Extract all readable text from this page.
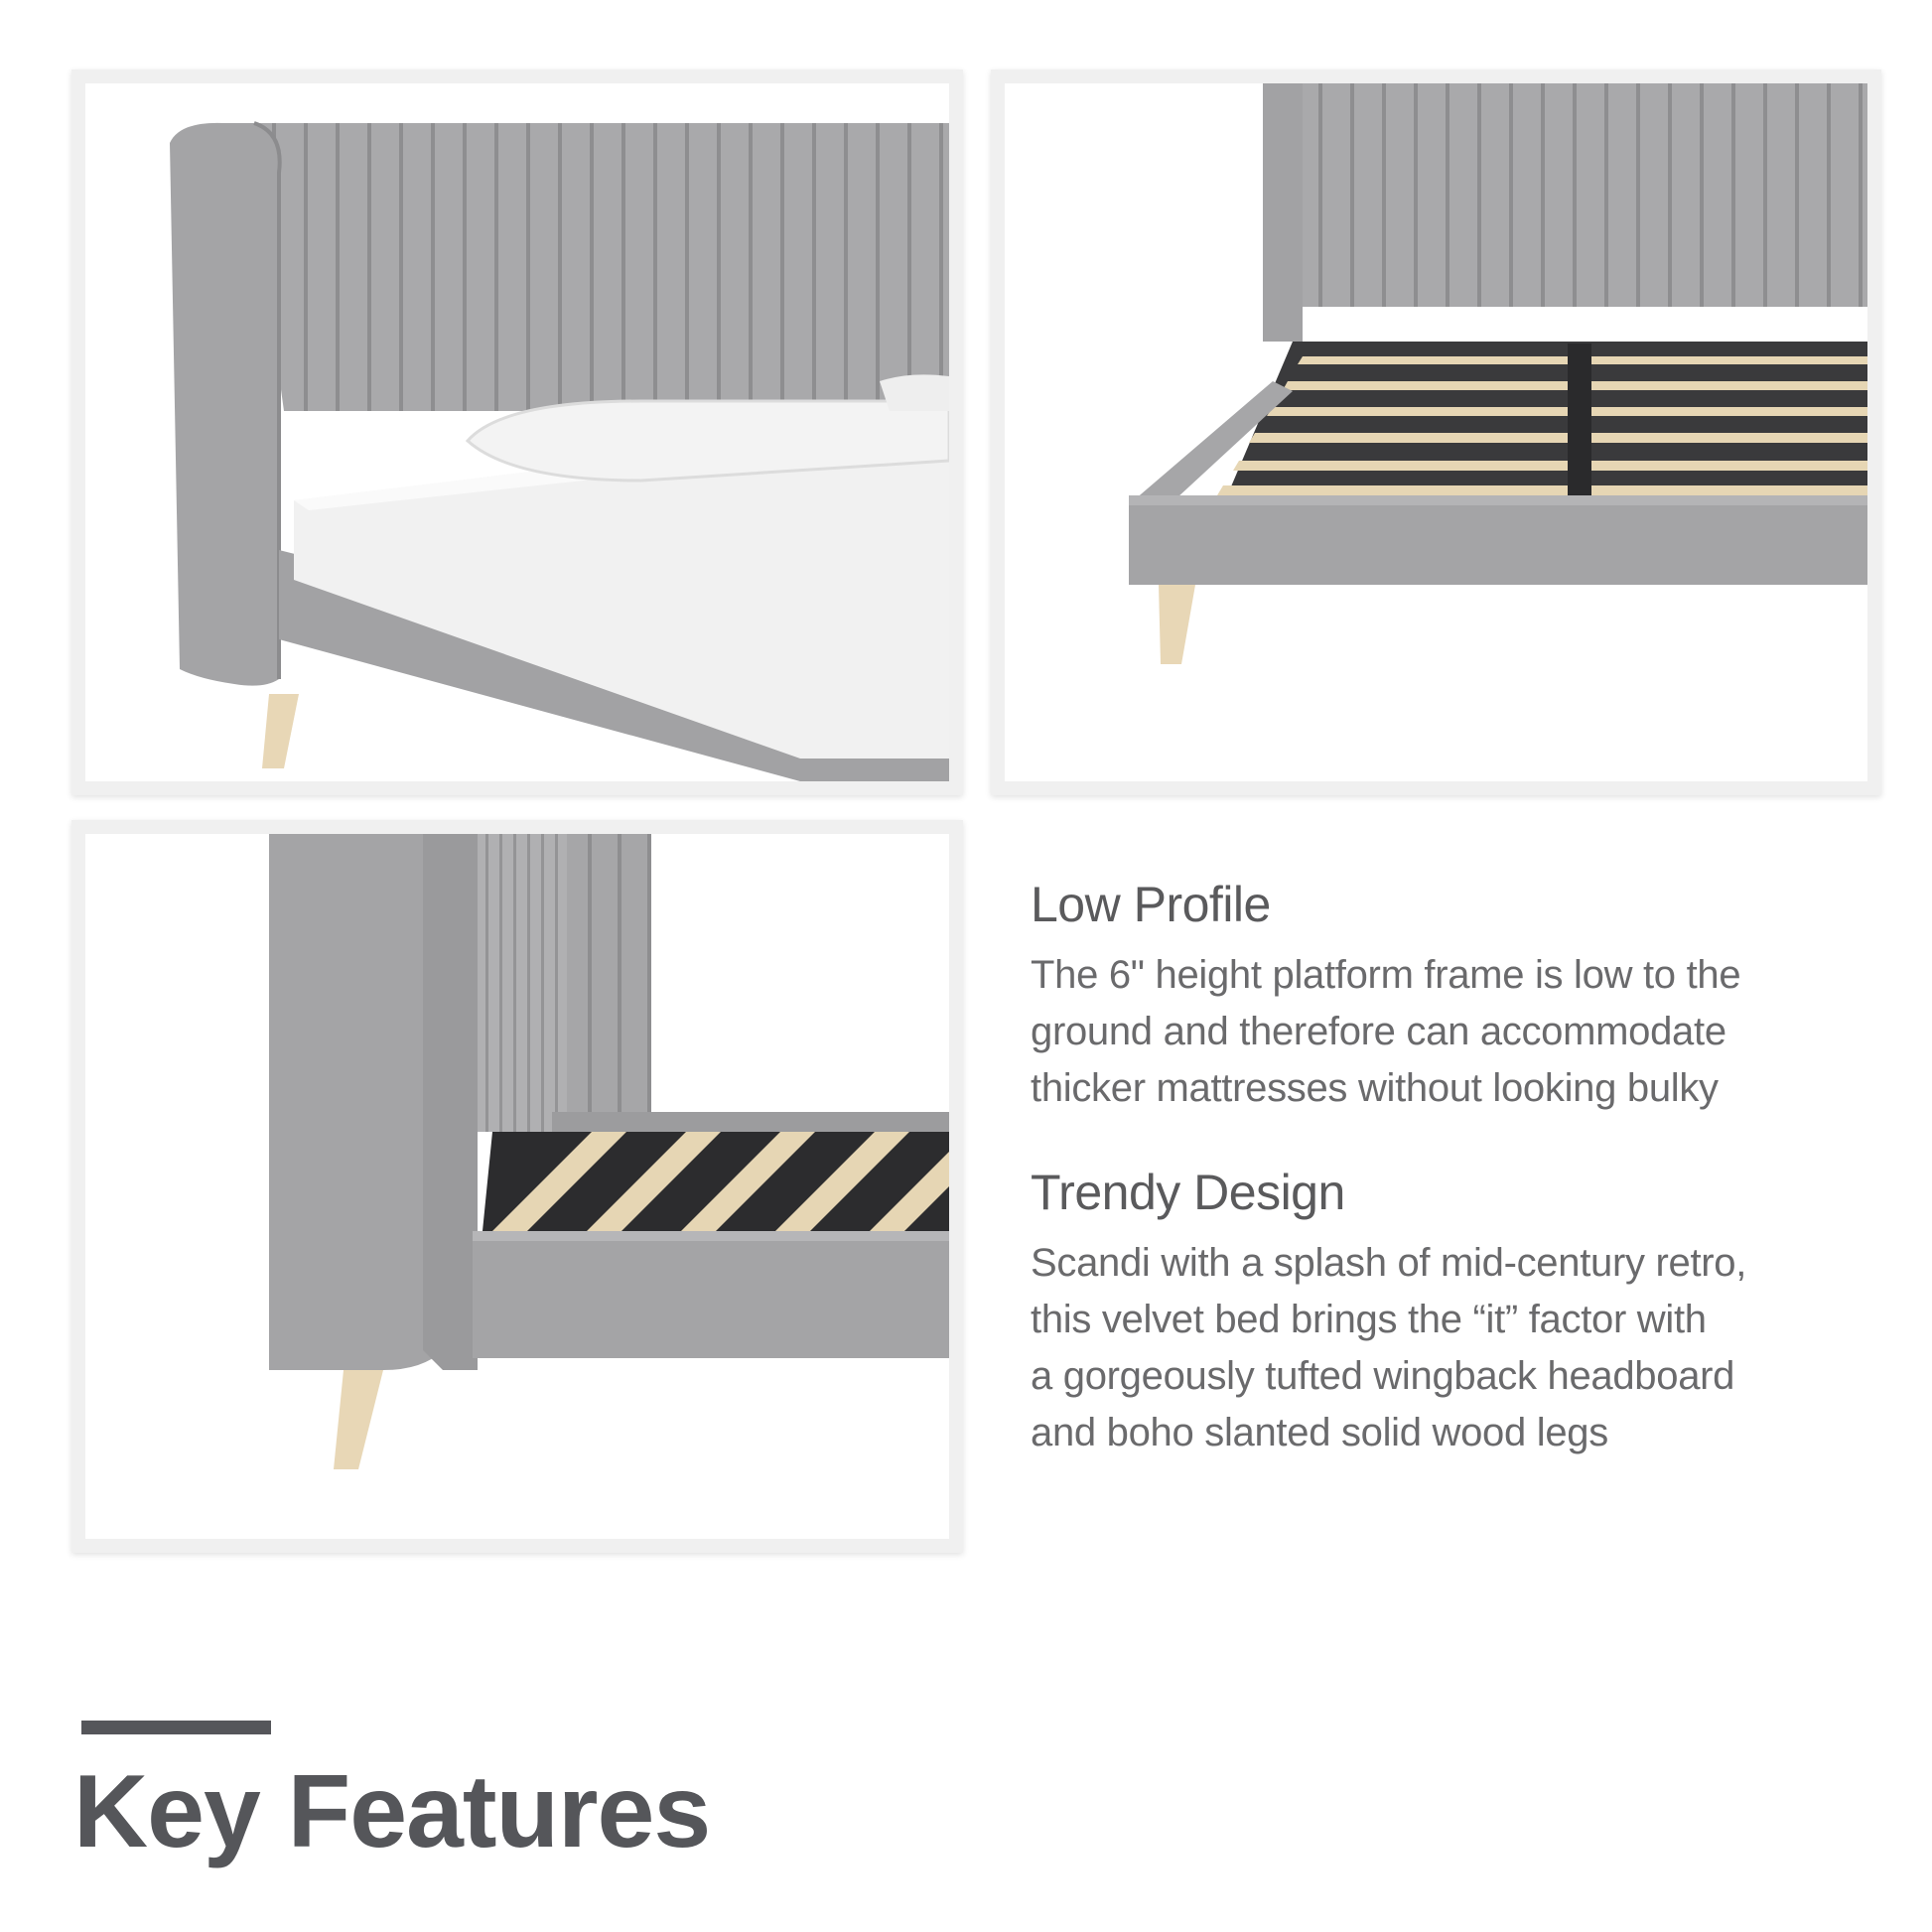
Low Profile
The 6" height platform frame is low to the
ground and therefore can accommodate
thicker mattresses without looking bulky
Trendy Design
Scandi with a splash of mid-century retro,
this velvet bed brings the “it” factor with
a gorgeously tufted wingback headboard
and boho slanted solid wood legs
Key Features
